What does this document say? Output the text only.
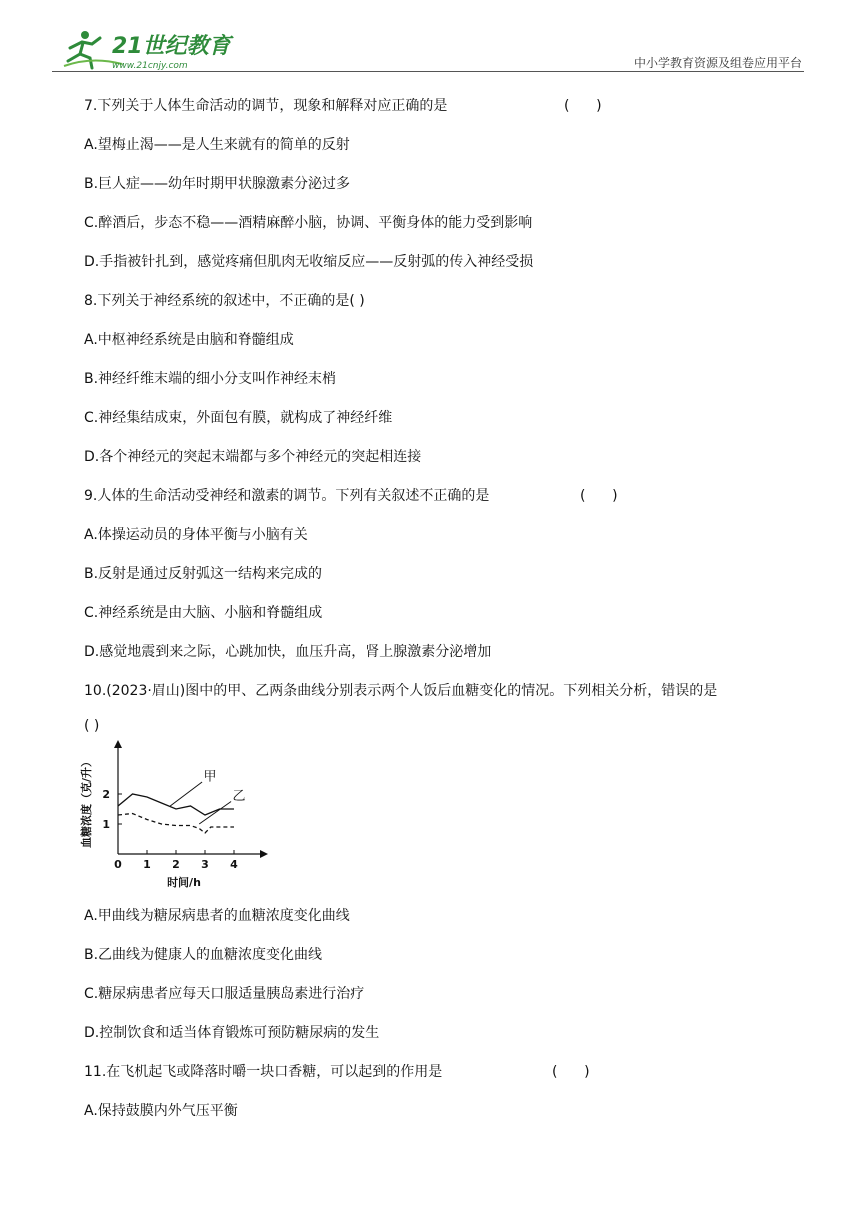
21世纪教育
www.21cnjy.com	中小学教育资源及组卷应用平台
7.下列关于人体生命活动的调节，现象和解释对应正确的是	(      )
A.望梅止渴——是人生来就有的简单的反射
B.巨人症——幼年时期甲状腺激素分泌过多
C.醉酒后，步态不稳——酒精麻醉小脑，协调、平衡身体的能力受到影响
D.手指被针扎到，感觉疼痛但肌肉无收缩反应——反射弧的传入神经受损
8.下列关于神经系统的叙述中，不正确的是( )
A.中枢神经系统是由脑和脊髓组成
B.神经纤维末端的细小分支叫作神经末梢
C.神经集结成束，外面包有膜，就构成了神经纤维
D.各个神经元的突起末端都与多个神经元的突起相连接
9.人体的生命活动受神经和激素的调节。下列有关叙述不正确的是	(      )
A.体操运动员的身体平衡与小脑有关
B.反射是通过反射弧这一结构来完成的
C.神经系统是由大脑、小脑和脊髓组成
D.感觉地震到来之际，心跳加快，血压升高，肾上腺激素分泌增加
10.(2023·眉山)图中的甲、乙两条曲线分别表示两个人饭后血糖变化的情况。下列相关分析，错误的是
( )
血糖浓度（克/升）
时间/h
0 1 2 3 4
1
2
甲
乙
A.甲曲线为糖尿病患者的血糖浓度变化曲线
B.乙曲线为健康人的血糖浓度变化曲线
C.糖尿病患者应每天口服适量胰岛素进行治疗
D.控制饮食和适当体育锻炼可预防糖尿病的发生
11.在飞机起飞或降落时嚼一块口香糖，可以起到的作用是	(      )
A.保持鼓膜内外气压平衡
